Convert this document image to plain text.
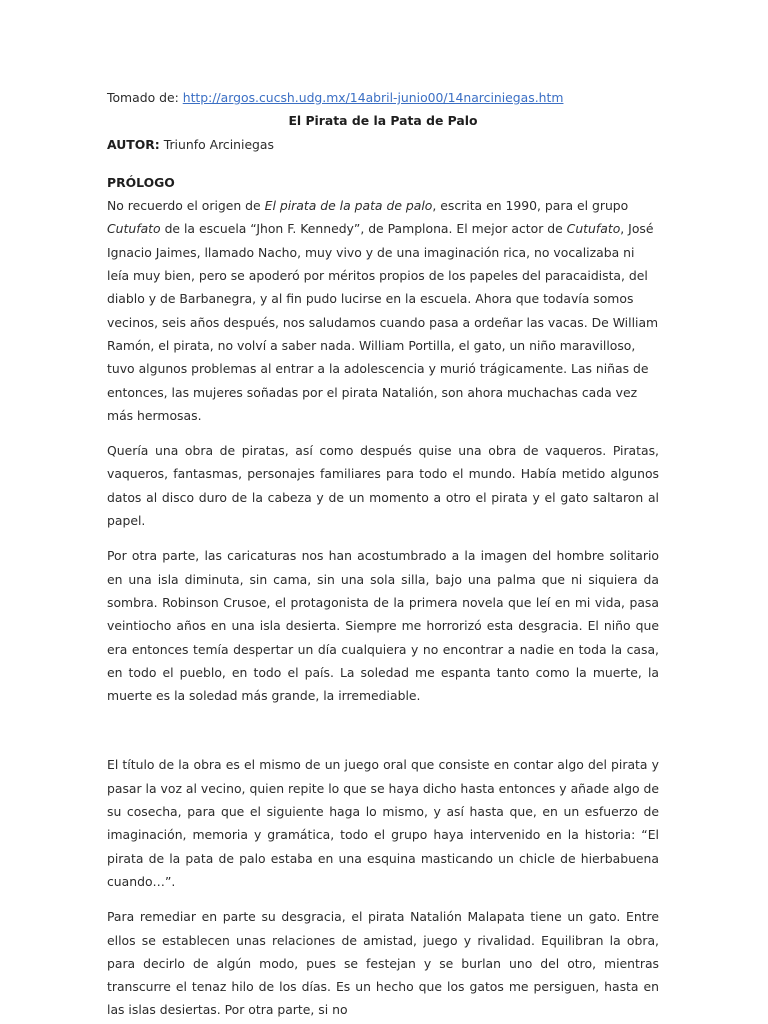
Tomado de: http://argos.cucsh.udg.mx/14abril-junio00/14narciniegas.htm

El Pirata de la Pata de Palo

AUTOR: Triunfo Arciniegas

PRÓLOGO

No recuerdo el origen de El pirata de la pata de palo, escrita en 1990, para el grupo Cutufato de la escuela “Jhon F. Kennedy”, de Pamplona. El mejor actor de Cutufato, José Ignacio Jaimes, llamado Nacho, muy vivo y de una imaginación rica, no vocalizaba ni leía muy bien, pero se apoderó por méritos propios de los papeles del paracaidista, del diablo y de Barbanegra, y al fin pudo lucirse en la escuela. Ahora que todavía somos vecinos, seis años después, nos saludamos cuando pasa a ordeñar las vacas. De William Ramón, el pirata, no volví a saber nada. William Portilla, el gato, un niño maravilloso, tuvo algunos problemas al entrar a la adolescencia y murió trágicamente. Las niñas de entonces, las mujeres soñadas por el pirata Natalión, son ahora muchachas cada vez más hermosas.

Quería una obra de piratas, así como después quise una obra de vaqueros. Piratas, vaqueros, fantasmas, personajes familiares para todo el mundo. Había metido algunos datos al disco duro de la cabeza y de un momento a otro el pirata y el gato saltaron al papel.

Por otra parte, las caricaturas nos han acostumbrado a la imagen del hombre solitario en una isla diminuta, sin cama, sin una sola silla, bajo una palma que ni siquiera da sombra. Robinson Crusoe, el protagonista de la primera novela que leí en mi vida, pasa veintiocho años en una isla desierta. Siempre me horrorizó esta desgracia. El niño que era entonces temía despertar un día cualquiera y no encontrar a nadie en toda la casa, en todo el pueblo, en todo el país. La soledad me espanta tanto como la muerte, la muerte es la soledad más grande, la irremediable.

El título de la obra es el mismo de un juego oral que consiste en contar algo del pirata y pasar la voz al vecino, quien repite lo que se haya dicho hasta entonces y añade algo de su cosecha, para que el siguiente haga lo mismo, y así hasta que, en un esfuerzo de imaginación, memoria y gramática, todo el grupo haya intervenido en la historia: “El pirata de la pata de palo estaba en una esquina masticando un chicle de hierbabuena cuando…”.

Para remediar en parte su desgracia, el pirata Natalión Malapata tiene un gato. Entre ellos se establecen unas relaciones de amistad, juego y rivalidad. Equilibran la obra, para decirlo de algún modo, pues se festejan y se burlan uno del otro, mientras transcurre el tenaz hilo de los días. Es un hecho que los gatos me persiguen, hasta en las islas desiertas. Por otra parte, si no
